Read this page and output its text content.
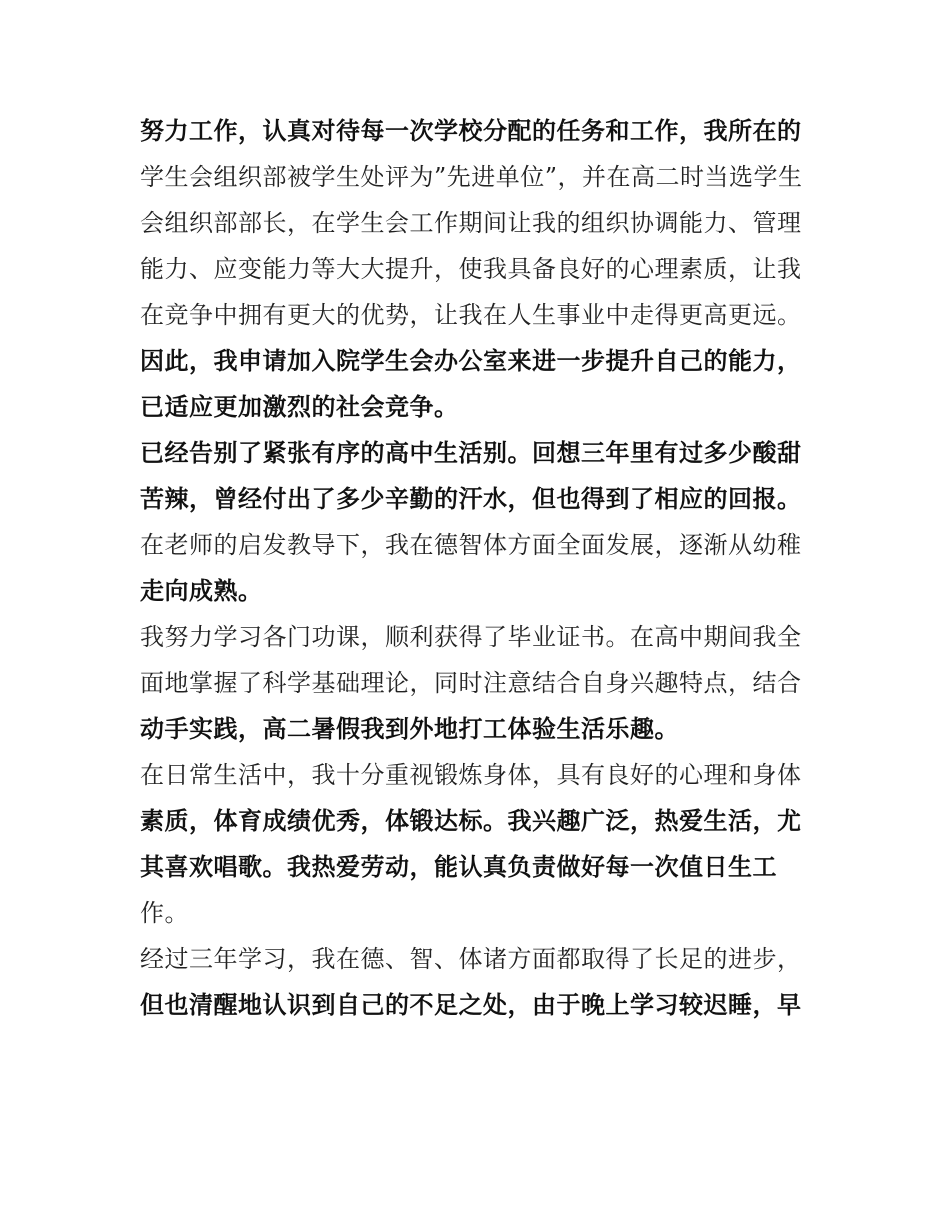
努力工作，认真对待每一次学校分配的任务和工作，我所在的
学生会组织部被学生处评为”先进单位”，并在高二时当选学生
会组织部部长，在学生会工作期间让我的组织协调能力、管理
能力、应变能力等大大提升，使我具备良好的心理素质，让我
在竞争中拥有更大的优势，让我在人生事业中走得更高更远。
因此，我申请加入院学生会办公室来进一步提升自己的能力，
已适应更加激烈的社会竞争。
已经告别了紧张有序的高中生活别。回想三年里有过多少酸甜
苦辣，曾经付出了多少辛勤的汗水，但也得到了相应的回报。
在老师的启发教导下，我在德智体方面全面发展，逐渐从幼稚
走向成熟。
我努力学习各门功课，顺利获得了毕业证书。在高中期间我全
面地掌握了科学基础理论，同时注意结合自身兴趣特点，结合
动手实践，高二暑假我到外地打工体验生活乐趣。
在日常生活中，我十分重视锻炼身体，具有良好的心理和身体
素质，体育成绩优秀，体锻达标。我兴趣广泛，热爱生活，尤
其喜欢唱歌。我热爱劳动，能认真负责做好每一次值日生工
作。
经过三年学习，我在德、智、体诸方面都取得了长足的进步，
但也清醒地认识到自己的不足之处，由于晚上学习较迟睡，早
